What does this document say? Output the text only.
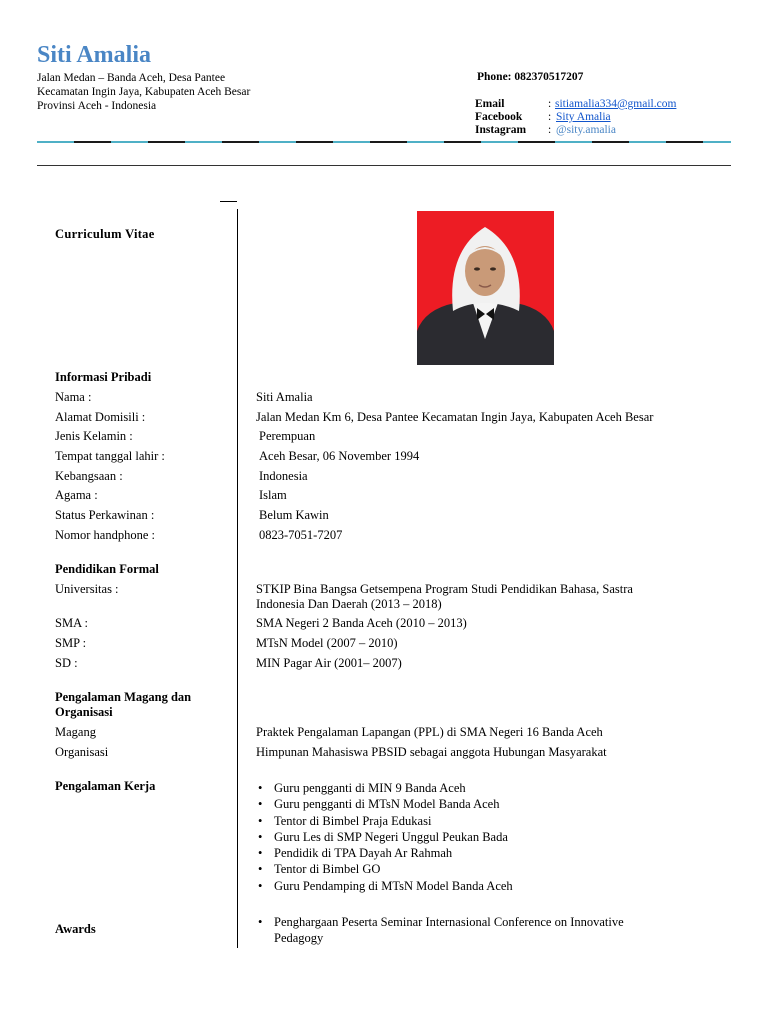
Siti Amalia
Jalan Medan – Banda Aceh, Desa Pantee
Kecamatan Ingin Jaya, Kabupaten Aceh Besar
Provinsi Aceh - Indonesia
Phone: 082370517207
Email	: sitiamalia334@gmail.com
Facebook : Sity Amalia
Instagram : @sity.amalia
Curriculum Vitae
Informasi Pribadi
Nama :	Siti Amalia
Alamat Domisili :	Jalan Medan Km 6, Desa Pantee Kecamatan Ingin Jaya, Kabupaten Aceh Besar
Jenis Kelamin :	Perempuan
Tempat tanggal lahir :	Aceh Besar, 06 November 1994
Kebangsaan :	Indonesia
Agama :	Islam
Status Perkawinan :	Belum Kawin
Nomor handphone :	0823-7051-7207
Pendidikan Formal
Universitas :	STKIP Bina Bangsa Getsempena Program Studi Pendidikan Bahasa, Sastra
Indonesia Dan Daerah (2013 – 2018)
SMA :	SMA Negeri 2 Banda Aceh (2010 – 2013)
SMP :	MTsN Model (2007 – 2010)
SD :	MIN Pagar Air (2001– 2007)
Pengalaman Magang dan
Organisasi
Magang	Praktek Pengalaman Lapangan (PPL) di SMA Negeri 16 Banda Aceh
Organisasi	Himpunan Mahasiswa PBSID sebagai anggota Hubungan Masyarakat
Pengalaman Kerja	• Guru pengganti di MIN 9 Banda Aceh
• Guru pengganti di MTsN Model Banda Aceh
• Tentor di Bimbel Praja Edukasi
• Guru Les di SMP Negeri Unggul Peukan Bada
• Pendidik di TPA Dayah Ar Rahmah
• Tentor di Bimbel GO
• Guru Pendamping di MTsN Model Banda Aceh
Awards	• Penghargaan Peserta Seminar Internasional Conference on Innovative
Pedagogy
